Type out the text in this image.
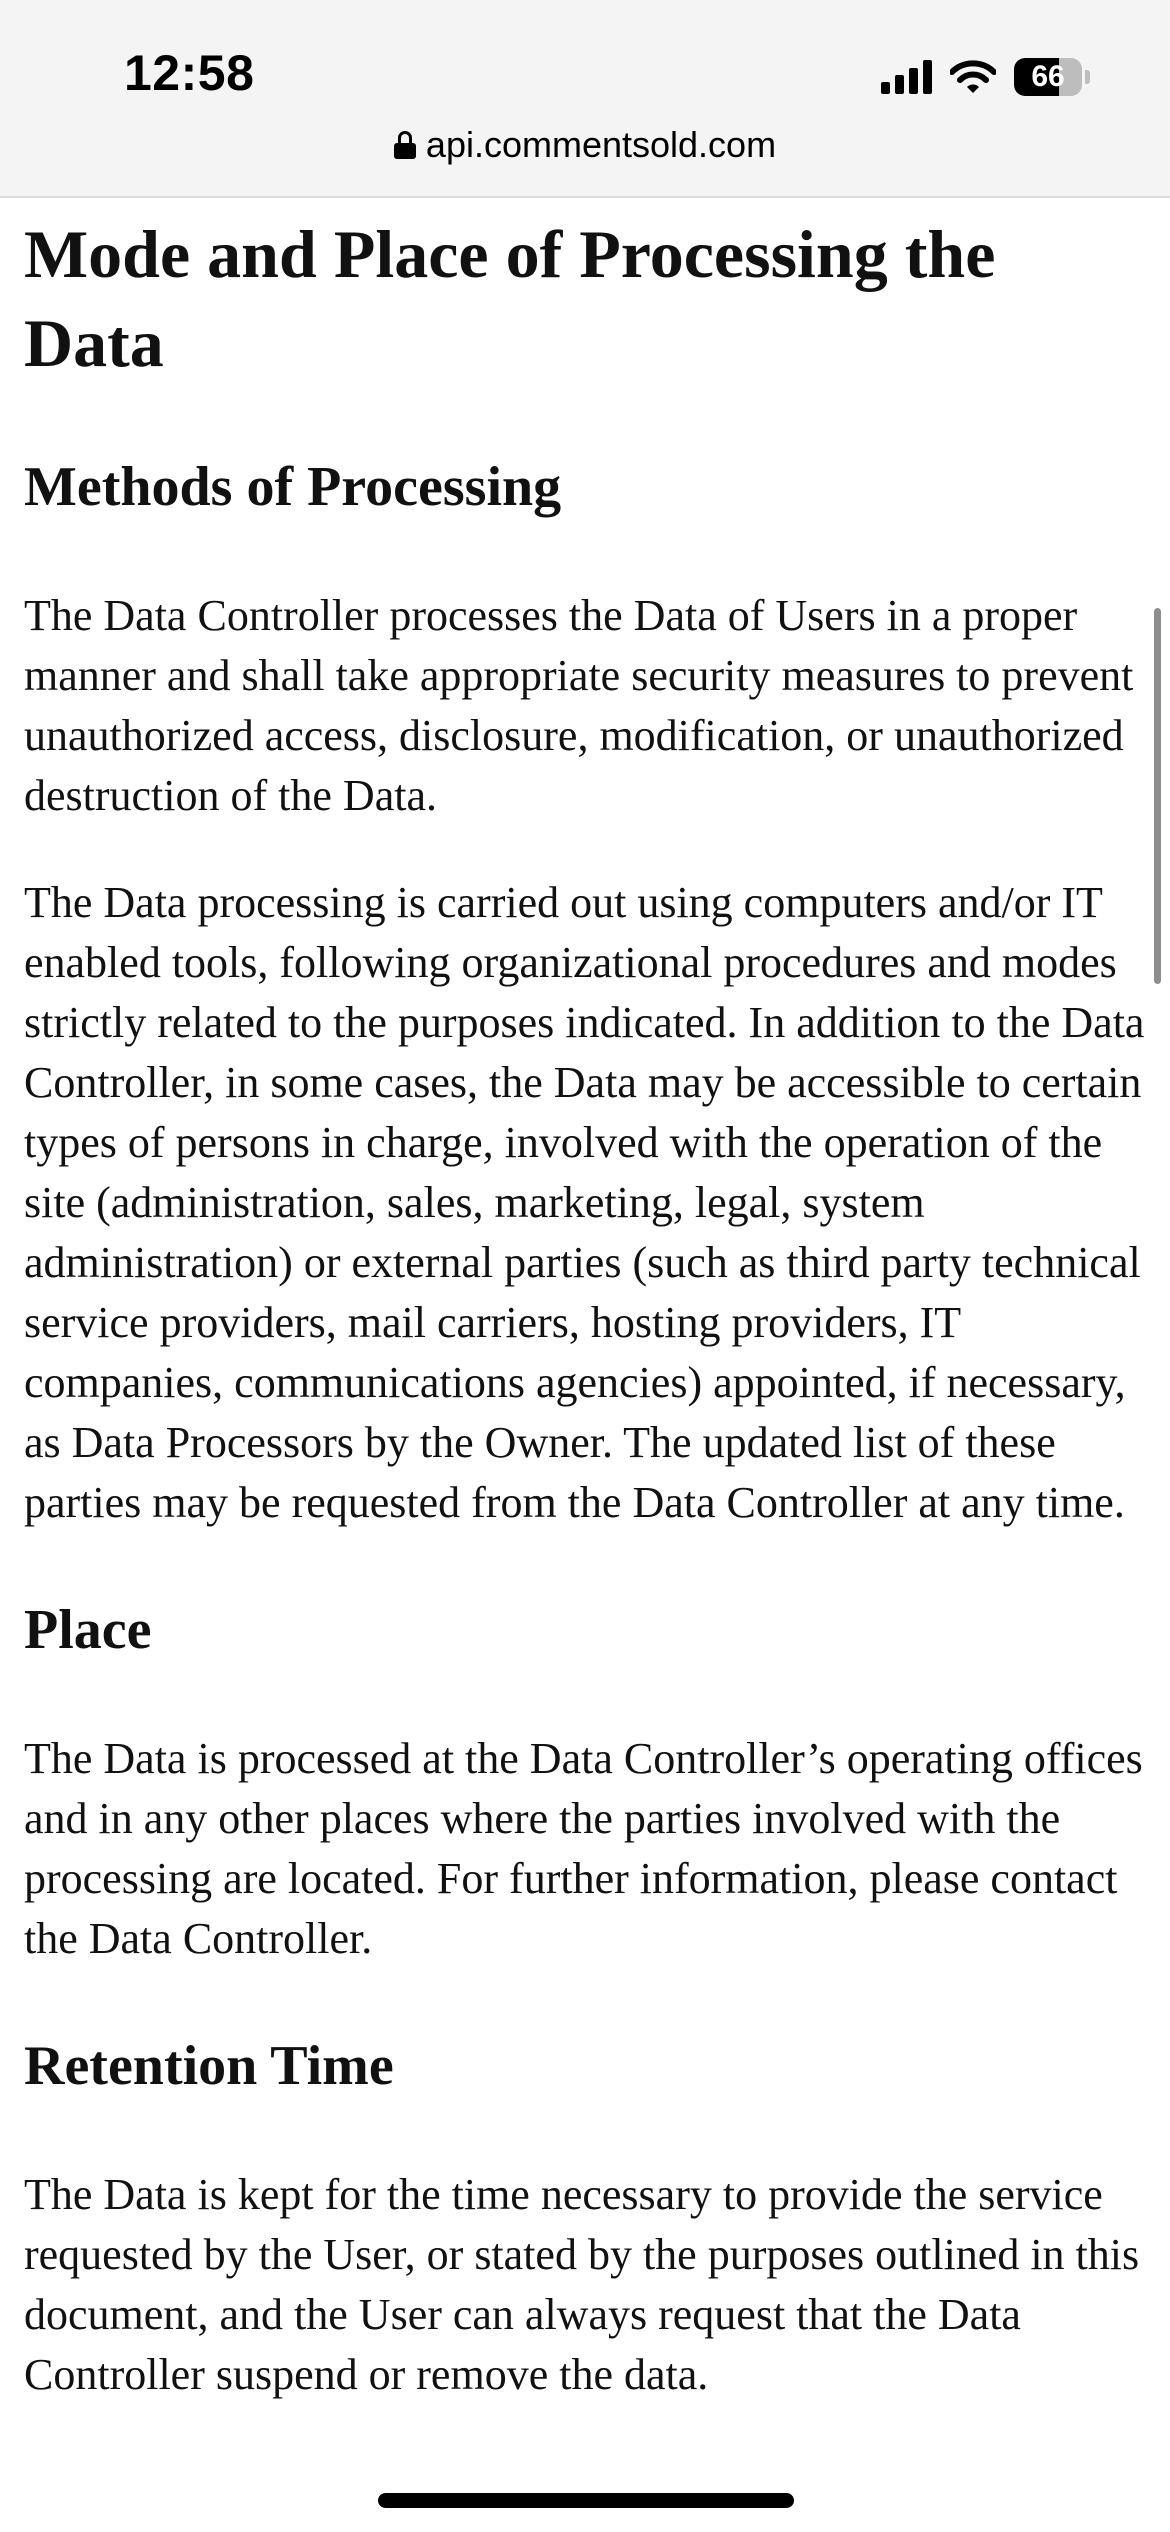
12:58	66
api.commentsold.com
Mode and Place of Processing the Data
Methods of Processing

The Data Controller processes the Data of Users in a proper manner and shall take appropriate security measures to prevent unauthorized access, disclosure, modification, or unauthorized destruction of the Data.

The Data processing is carried out using computers and/or IT enabled tools, following organizational procedures and modes strictly related to the purposes indicated. In addition to the Data Controller, in some cases, the Data may be accessible to certain types of persons in charge, involved with the operation of the site (administration, sales, marketing, legal, system administration) or external parties (such as third party technical service providers, mail carriers, hosting providers, IT companies, communications agencies) appointed, if necessary, as Data Processors by the Owner. The updated list of these parties may be requested from the Data Controller at any time.

Place

The Data is processed at the Data Controller’s operating offices and in any other places where the parties involved with the processing are located. For further information, please contact the Data Controller.

Retention Time

The Data is kept for the time necessary to provide the service requested by the User, or stated by the purposes outlined in this document, and the User can always request that the Data Controller suspend or remove the data.
